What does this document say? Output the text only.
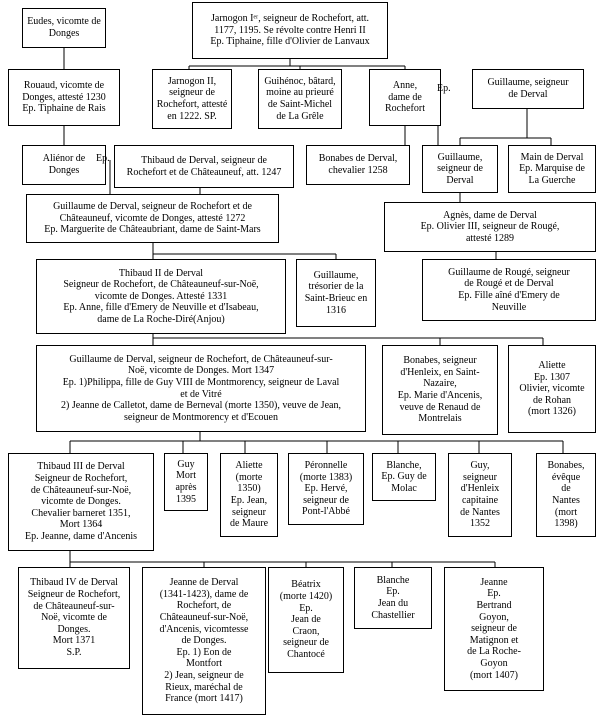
Eudes, vicomte de
Donges
Jarnogon Iᵉʳ, seigneur de Rochefort, att.
1177, 1195. Se révolte contre Henri II
Ep. Tiphaine, fille d'Olivier de Lanvaux
Rouaud, vicomte de
Donges, attesté 1230
Ep. Tiphaine de Rais
Jarnogon II,
seigneur de
Rochefort, attesté
en 1222. SP.
Guihénoc, bâtard,
moine au prieuré
de Saint-Michel
de La Grêle
Anne,
dame de
Rochefort
Ep.
Guillaume, seigneur
de Derval
Aliénor de
Donges
Ep.	Thibaud de Derval, seigneur de
Rochefort et de Châteauneuf, att. 1247
Bonabes de Derval,
chevalier 1258
Guillaume,
seigneur de
Derval
Main de Derval
Ep. Marquise de
La Guerche
Guillaume de Derval, seigneur de Rochefort et de
Châteauneuf, vicomte de Donges, attesté 1272
Ep. Marguerite de Châteaubriant, dame de Saint-Mars
Agnès, dame de Derval
Ep. Olivier III, seigneur de Rougé,
attesté 1289
Thibaud II de Derval
Seigneur de Rochefort, de Châteauneuf-sur-Noë,
vicomte de Donges. Attesté 1331
Ep. Anne, fille d'Emery de Neuville et d'Isabeau,
dame de La Roche-Diré(Anjou)
Guillaume,
trésorier de la
Saint-Brieuc en
1316
Guillaume de Rougé, seigneur
de Rougé et de Derval
Ep. Fille aîné d'Emery de
Neuville
Guillaume de Derval, seigneur de Rochefort, de Châteauneuf-sur-
Noë, vicomte de Donges. Mort 1347
Ep. 1)Philippa, fille de Guy VIII de Montmorency, seigneur de Laval
et de Vitré
2) Jeanne de Calletot, dame de Berneval (morte 1350), veuve de Jean,
seigneur de Montmorency et d'Ecouen
Bonabes, seigneur
d'Henleix, en Saint-
Nazaire,
Ep. Marie d'Ancenis,
veuve de Renaud de
Montrelais
Aliette
Ep. 1307
Olivier, vicomte
de Rohan
(mort 1326)
Thibaud III de Derval
Seigneur de Rochefort,
de Châteauneuf-sur-Noë,
vicomte de Donges.
Chevalier barneret 1351,
Mort 1364
Ep. Jeanne, dame d'Ancenis
Guy
Mort
après
1395
Aliette
(morte
1350)
Ep. Jean,
seigneur
de Maure
Péronnelle
(morte 1383)
Ep. Hervé,
seigneur de
Pont-l'Abbé
Blanche,
Ep. Guy de
Molac
Guy,
seigneur
d'Henleix
capitaine
de Nantes
1352
Bonabes,
évêque
de
Nantes
(mort
1398)
Thibaud IV de Derval
Seigneur de Rochefort,
de Châteauneuf-sur-
Noë, vicomte de
Donges.
Mort 1371
S.P.
Jeanne de Derval
(1341-1423), dame de
Rochefort, de
Châteauneuf-sur-Noë,
d'Ancenis, vicomtesse
de Donges.
Ep. 1) Eon de
Montfort
2) Jean, seigneur de
Rieux, maréchal de
France (mort 1417)
Béatrix
(morte 1420)
Ep.
Jean de
Craon,
seigneur de
Chantocé
Blanche
Ep.
Jean du
Chastellier
Jeanne
Ep.
Bertrand
Goyon,
seigneur de
Matignon et
de La Roche-
Goyon
(mort 1407)
